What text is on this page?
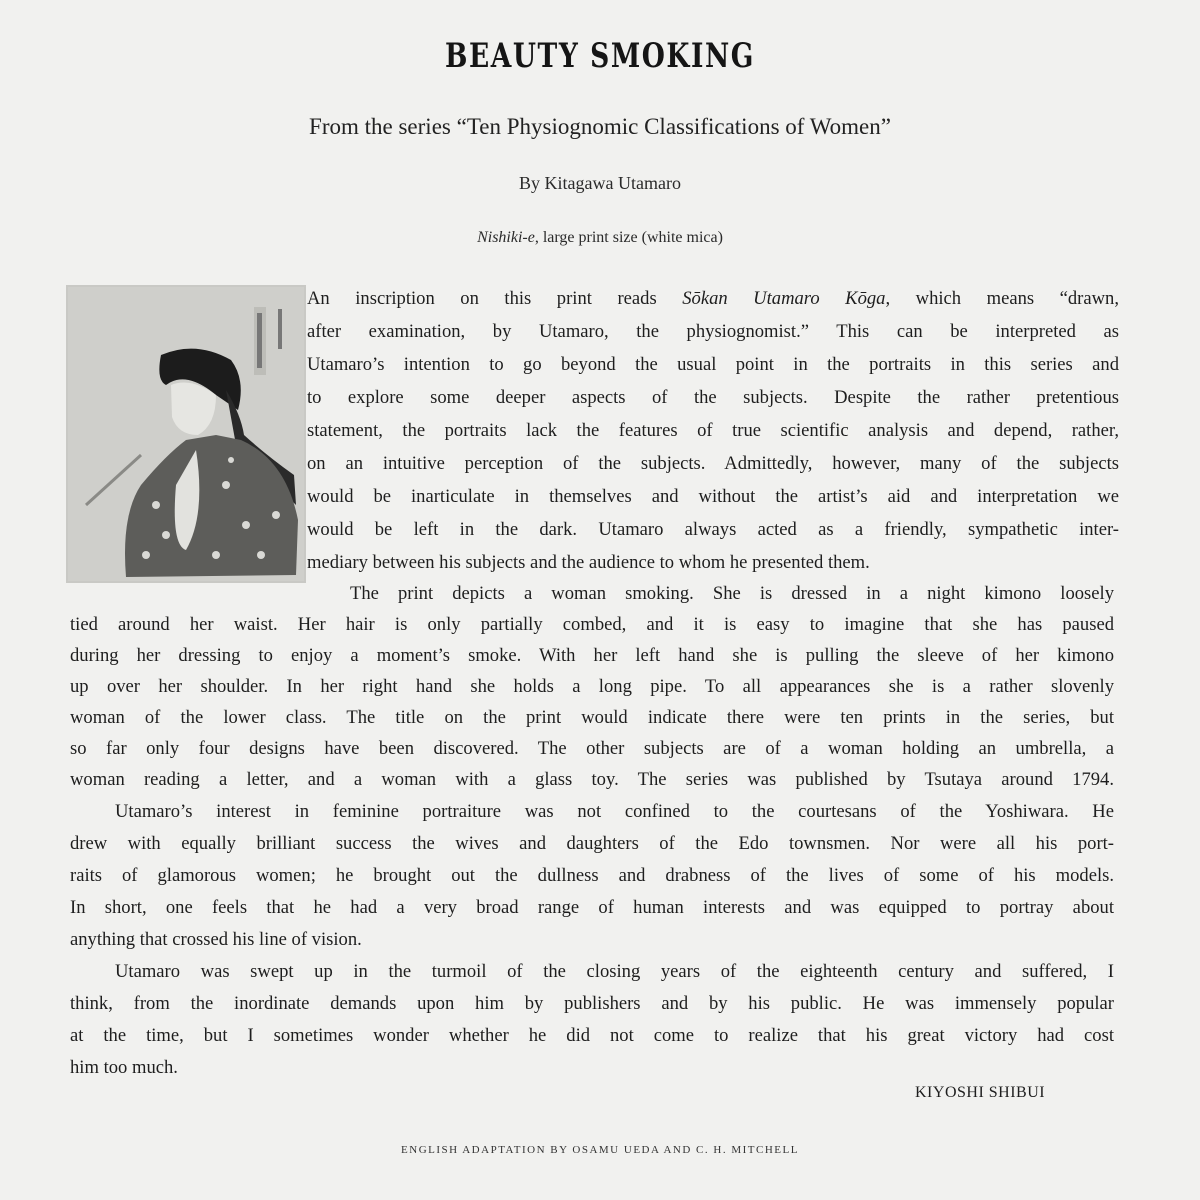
BEAUTY SMOKING
From the series “Ten Physiognomic Classifications of Women”
By Kitagawa Utamaro
Nishiki-e, large print size (white mica)
An inscription on this print reads Sōkan Utamaro Kōga, which means “drawn,
after examination, by Utamaro, the physiognomist.” This can be interpreted as
Utamaro’s intention to go beyond the usual point in the portraits in this series and
to explore some deeper aspects of the subjects. Despite the rather pretentious
statement, the portraits lack the features of true scientific analysis and depend, rather,
on an intuitive perception of the subjects. Admittedly, however, many of the subjects
would be inarticulate in themselves and without the artist’s aid and interpretation we
would be left in the dark. Utamaro always acted as a friendly, sympathetic inter-
mediary between his subjects and the audience to whom he presented them.
The print depicts a woman smoking. She is dressed in a night kimono loosely
tied around her waist. Her hair is only partially combed, and it is easy to imagine that she has paused
during her dressing to enjoy a moment’s smoke. With her left hand she is pulling the sleeve of her kimono
up over her shoulder. In her right hand she holds a long pipe. To all appearances she is a rather slovenly
woman of the lower class. The title on the print would indicate there were ten prints in the series, but
so far only four designs have been discovered. The other subjects are of a woman holding an umbrella, a
woman reading a letter, and a woman with a glass toy. The series was published by Tsutaya around 1794.
Utamaro’s interest in feminine portraiture was not confined to the courtesans of the Yoshiwara. He
drew with equally brilliant success the wives and daughters of the Edo townsmen. Nor were all his port-
raits of glamorous women; he brought out the dullness and drabness of the lives of some of his models.
In short, one feels that he had a very broad range of human interests and was equipped to portray about
anything that crossed his line of vision.
Utamaro was swept up in the turmoil of the closing years of the eighteenth century and suffered, I
think, from the inordinate demands upon him by publishers and by his public. He was immensely popular
at the time, but I sometimes wonder whether he did not come to realize that his great victory had cost
him too much.
KIYOSHI SHIBUI
ENGLISH ADAPTATION BY OSAMU UEDA AND C. H. MITCHELL
